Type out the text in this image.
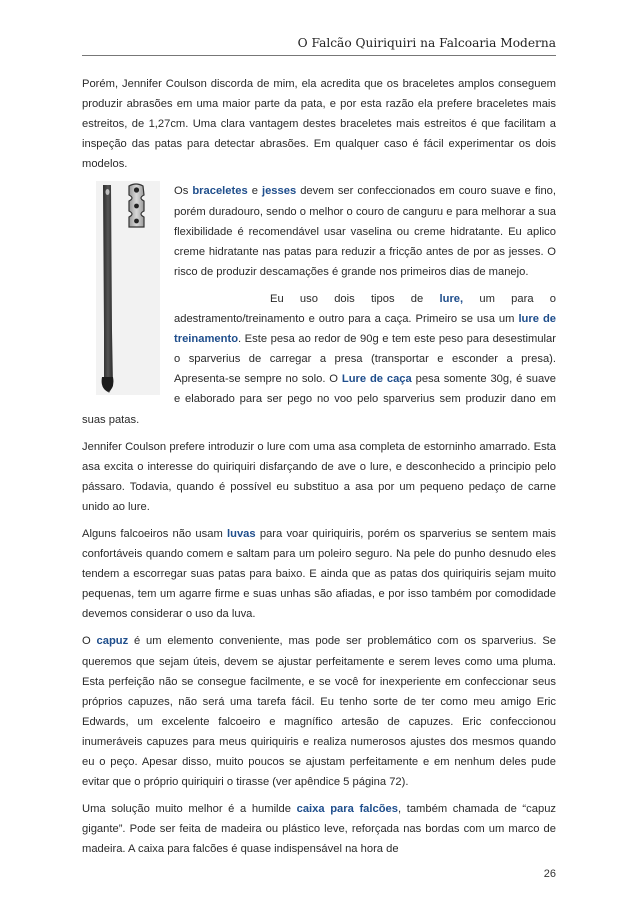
O Falcão Quiriquiri na Falcoaria Moderna

Porém, Jennifer Coulson discorda de mim, ela acredita que os braceletes amplos conseguem produzir abrasões em uma maior parte da pata, e por esta razão ela prefere braceletes mais estreitos, de 1,27cm. Uma clara vantagem destes braceletes mais estreitos é que facilitam a inspeção das patas para detectar abrasões. Em qualquer caso é fácil experimentar os dois modelos.

Os braceletes e jesses devem ser confeccionados em couro suave e fino, porém duradouro, sendo o melhor o couro de canguru e para melhorar a sua flexibilidade é recomendável usar vaselina ou creme hidratante. Eu aplico creme hidratante nas patas para reduzir a fricção antes de por as jesses. O risco de produzir descamações é grande nos primeiros dias de manejo.

Eu uso dois tipos de lure, um para o adestramento/treinamento e outro para a caça. Primeiro se usa um lure de treinamento. Este pesa ao redor de 90g e tem este peso para desestimular o sparverius de carregar a presa (transportar e esconder a presa). Apresenta-se sempre no solo. O Lure de caça pesa somente 30g, é suave e elaborado para ser pego no voo pelo sparverius sem produzir dano em suas patas.

Jennifer Coulson prefere introduzir o lure com uma asa completa de estorninho amarrado. Esta asa excita o interesse do quiriquiri disfarçando de ave o lure, e desconhecido a principio pelo pássaro. Todavia, quando é possível eu substituo a asa por um pequeno pedaço de carne unido ao lure.

Alguns falcoeiros não usam luvas para voar quiriquiris, porém os sparverius se sentem mais confortáveis quando comem e saltam para um poleiro seguro. Na pele do punho desnudo eles tendem a escorregar suas patas para baixo. E ainda que as patas dos quiriquiris sejam muito pequenas, tem um agarre firme e suas unhas são afiadas, e por isso também por comodidade devemos considerar o uso da luva.

O capuz é um elemento conveniente, mas pode ser problemático com os sparverius. Se queremos que sejam úteis, devem se ajustar perfeitamente e serem leves como uma pluma. Esta perfeição não se consegue facilmente, e se você for inexperiente em confeccionar seus próprios capuzes, não será uma tarefa fácil. Eu tenho sorte de ter como meu amigo Eric Edwards, um excelente falcoeiro e magnífico artesão de capuzes. Eric confeccionou inumeráveis capuzes para meus quiriquiris e realiza numerosos ajustes dos mesmos quando eu o peço. Apesar disso, muito poucos se ajustam perfeitamente e em nenhum deles pude evitar que o próprio quiriquiri o tirasse (ver apêndice 5 página 72).

Uma solução muito melhor é a humilde caixa para falcões, também chamada de “capuz gigante”. Pode ser feita de madeira ou plástico leve, reforçada nas bordas com um marco de madeira. A caixa para falcões é quase indispensável na hora de

26
